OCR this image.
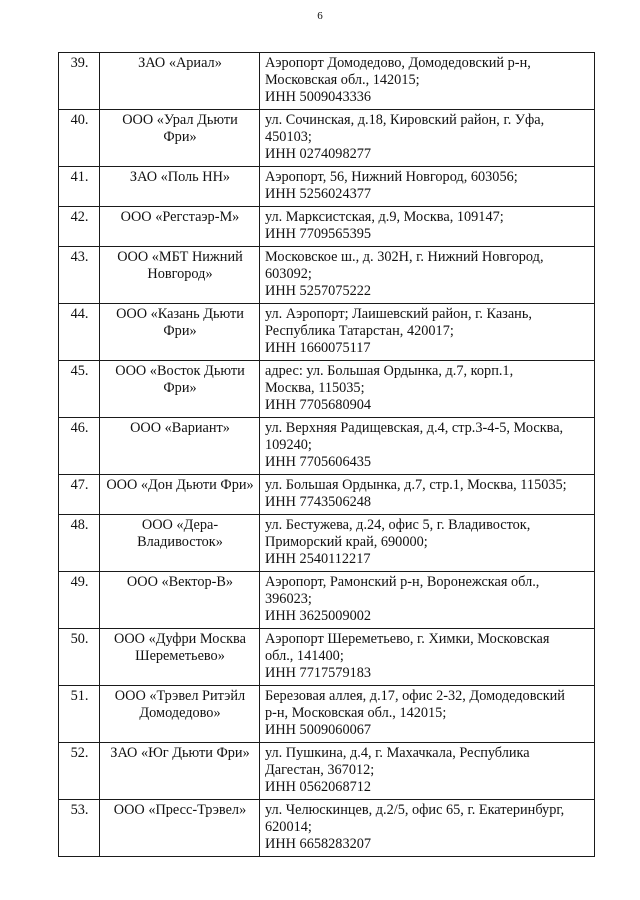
6
39.	ЗАО «Ариал»	Аэропорт Домодедово, Домодедовский р-н,
Московская обл., 142015;
ИНН 5009043336

40.	ООО «Урал Дьюти Фри»	ул. Сочинская, д.18, Кировский район, г. Уфа,
450103;
ИНН 0274098277

41.	ЗАО «Поль НН»	Аэропорт, 56, Нижний Новгород, 603056;
ИНН 5256024377

42.	ООО «Регстаэр-М»	ул. Марксистская, д.9, Москва, 109147;
ИНН 7709565395

43.	ООО «МБТ Нижний Новгород»	Московское ш., д. 302Н, г. Нижний Новгород,
603092;
ИНН 5257075222

44.	ООО «Казань Дьюти Фри»	ул. Аэропорт; Лаишевский район, г. Казань,
Республика Татарстан, 420017;
ИНН 1660075117

45.	ООО «Восток Дьюти Фри»	адрес: ул. Большая Ордынка, д.7, корп.1,
Москва, 115035;
ИНН 7705680904

46.	ООО «Вариант»	ул. Верхняя Радищевская, д.4, стр.3-4-5, Москва,
109240;
ИНН 7705606435

47.	ООО «Дон Дьюти Фри»	ул. Большая Ордынка, д.7, стр.1, Москва, 115035;
ИНН 7743506248

48.	ООО «Дера-Владивосток»	ул. Бестужева, д.24, офис 5, г. Владивосток,
Приморский край, 690000;
ИНН 2540112217

49.	ООО «Вектор-В»	Аэропорт, Рамонский р-н, Воронежская обл.,
396023;
ИНН 3625009002

50.	ООО «Дуфри Москва Шереметьево»	Аэропорт Шереметьево, г. Химки, Московская
обл., 141400;
ИНН 7717579183

51.	ООО «Трэвел Ритэйл Домодедово»	Березовая аллея, д.17, офис 2-32, Домодедовский
р-н, Московская обл., 142015;
ИНН 5009060067

52.	ЗАО «Юг Дьюти Фри»	ул. Пушкина, д.4, г. Махачкала, Республика
Дагестан, 367012;
ИНН 0562068712

53.	ООО «Пресс-Трэвел»	ул. Челюскинцев, д.2/5, офис 65, г. Екатеринбург,
620014;
ИНН 6658283207
